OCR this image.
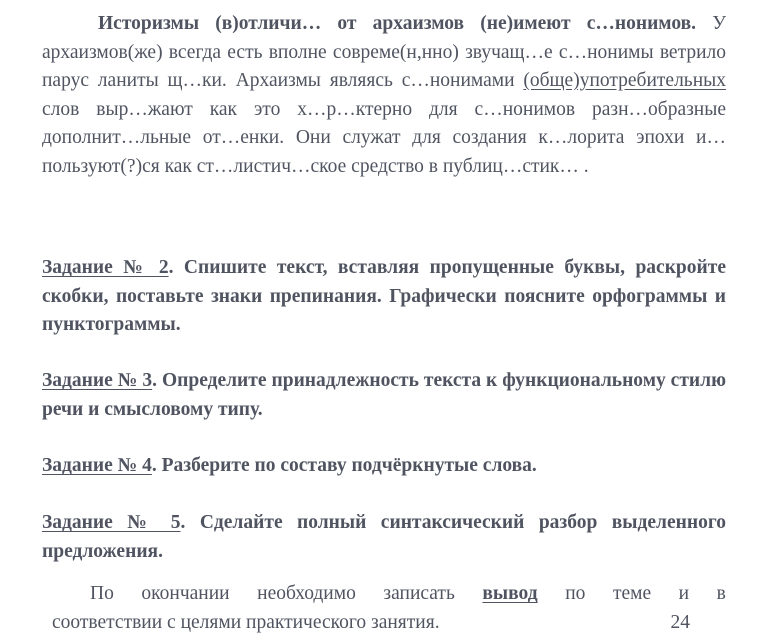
Историзмы (в)отличи… от архаизмов (не)имеют с…нонимов. У архаизмов(же) всегда есть вполне совреме(н,нно) звучащ…е с…нонимы ветрило парус ланиты щ…ки. Архаизмы являясь с…нонимами (обще)употребительных слов выр…жают как это х…р…ктерно для с…нонимов разн…образные дополнит…льные от…енки. Они служат для создания к…лорита эпохи и…пользуют(?)ся как ст…листич…ское средство в публиц…стик… .

Задание № 2. Спишите текст, вставляя пропущенные буквы, раскройте скобки, поставьте знаки препинания. Графически поясните орфограммы и пунктограммы.

Задание № 3. Определите принадлежность текста к функциональному стилю речи и смысловому типу.

Задание № 4. Разберите по составу подчёркнутые слова.

Задание № 5. Сделайте полный синтаксический разбор выделенного предложения.

По окончании необходимо записать вывод по теме и в
соответствии с целями практического занятия.	24
